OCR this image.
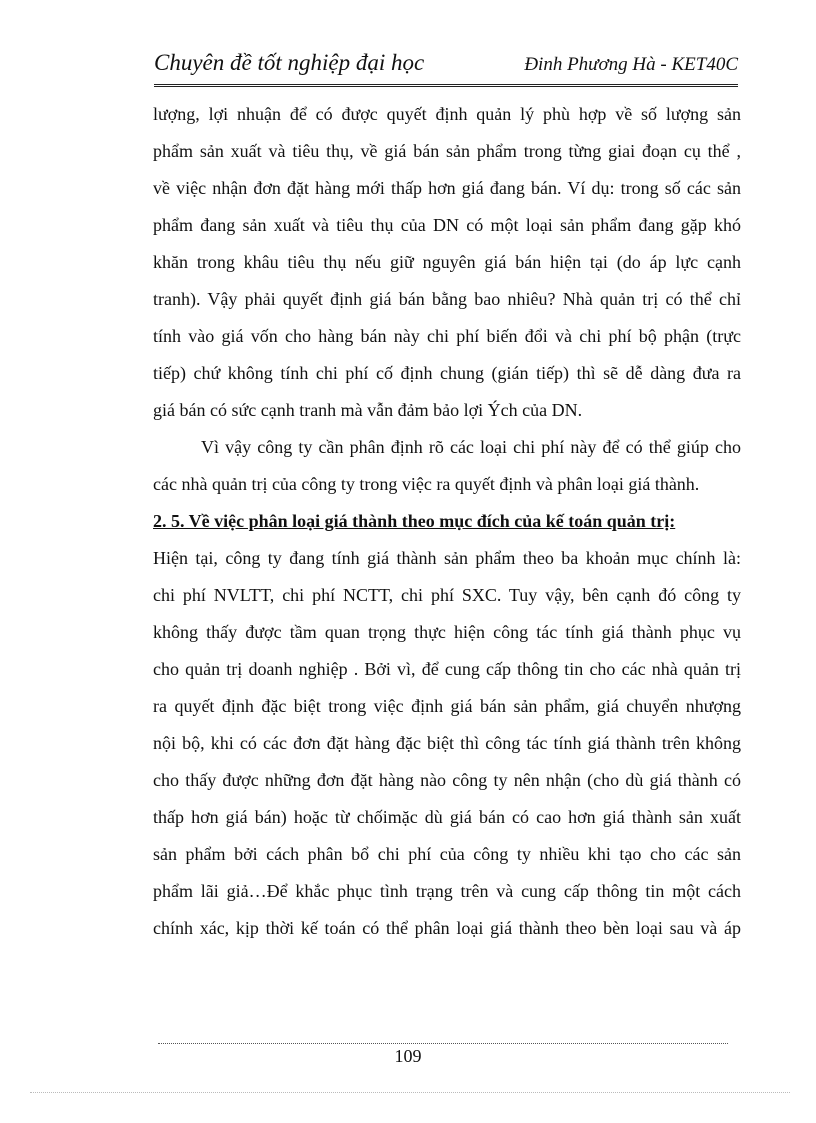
Chuyên đề tốt nghiệp đại học	Đinh Phương Hà - KET40C
lượng, lợi nhuận để có được quyết định quản lý phù hợp về số lượng sản
phẩm sản xuất và tiêu thụ, về giá bán sản phẩm trong từng giai đoạn cụ thể ,
về việc nhận đơn đặt hàng mới thấp hơn giá đang bán. Ví dụ: trong số các sản
phẩm đang sản xuất và tiêu thụ của DN có một loại sản phẩm đang gặp khó
khăn trong khâu tiêu thụ nếu giữ nguyên giá bán hiện tại (do áp lực cạnh
tranh). Vậy phải quyết định giá bán bằng bao nhiêu? Nhà quản trị có thể chỉ
tính vào giá vốn cho hàng bán này chi phí biến đổi và chi phí bộ phận (trực
tiếp) chứ không tính chi phí cố định chung (gián tiếp) thì sẽ dễ dàng đưa ra
giá bán có sức cạnh tranh mà vẫn đảm bảo lợi Ých của DN.
Vì vậy công ty cần phân định rõ các loại chi phí này để có thể giúp cho
các nhà quản trị của công ty trong việc ra quyết định và phân loại giá thành.
2. 5. Về việc phân loại giá thành theo mục đích của kế toán quản trị:
Hiện tại, công ty đang tính giá thành sản phẩm theo ba khoản mục chính là:
chi phí NVLTT, chi phí NCTT, chi phí SXC. Tuy vậy, bên cạnh đó công ty
không thấy được tầm quan trọng thực hiện công tác tính giá thành phục vụ
cho quản trị doanh nghiệp . Bởi vì, để cung cấp thông tin cho các nhà quản trị
ra quyết định đặc biệt trong việc định giá bán sản phẩm, giá chuyển nhượng
nội bộ, khi có các đơn đặt hàng đặc biệt thì công tác tính giá thành trên không
cho thấy được những đơn đặt hàng nào công ty nên nhận (cho dù giá thành có
thấp hơn giá bán) hoặc từ chốimặc dù giá bán có cao hơn giá thành sản xuất
sản phẩm bởi cách phân bổ chi phí của công ty nhiều khi tạo cho các sản
phẩm lãi giả…Để khắc phục tình trạng trên và cung cấp thông tin một cách
chính xác, kịp thời kế toán có thể phân loại giá thành theo bèn loại sau và áp
109
